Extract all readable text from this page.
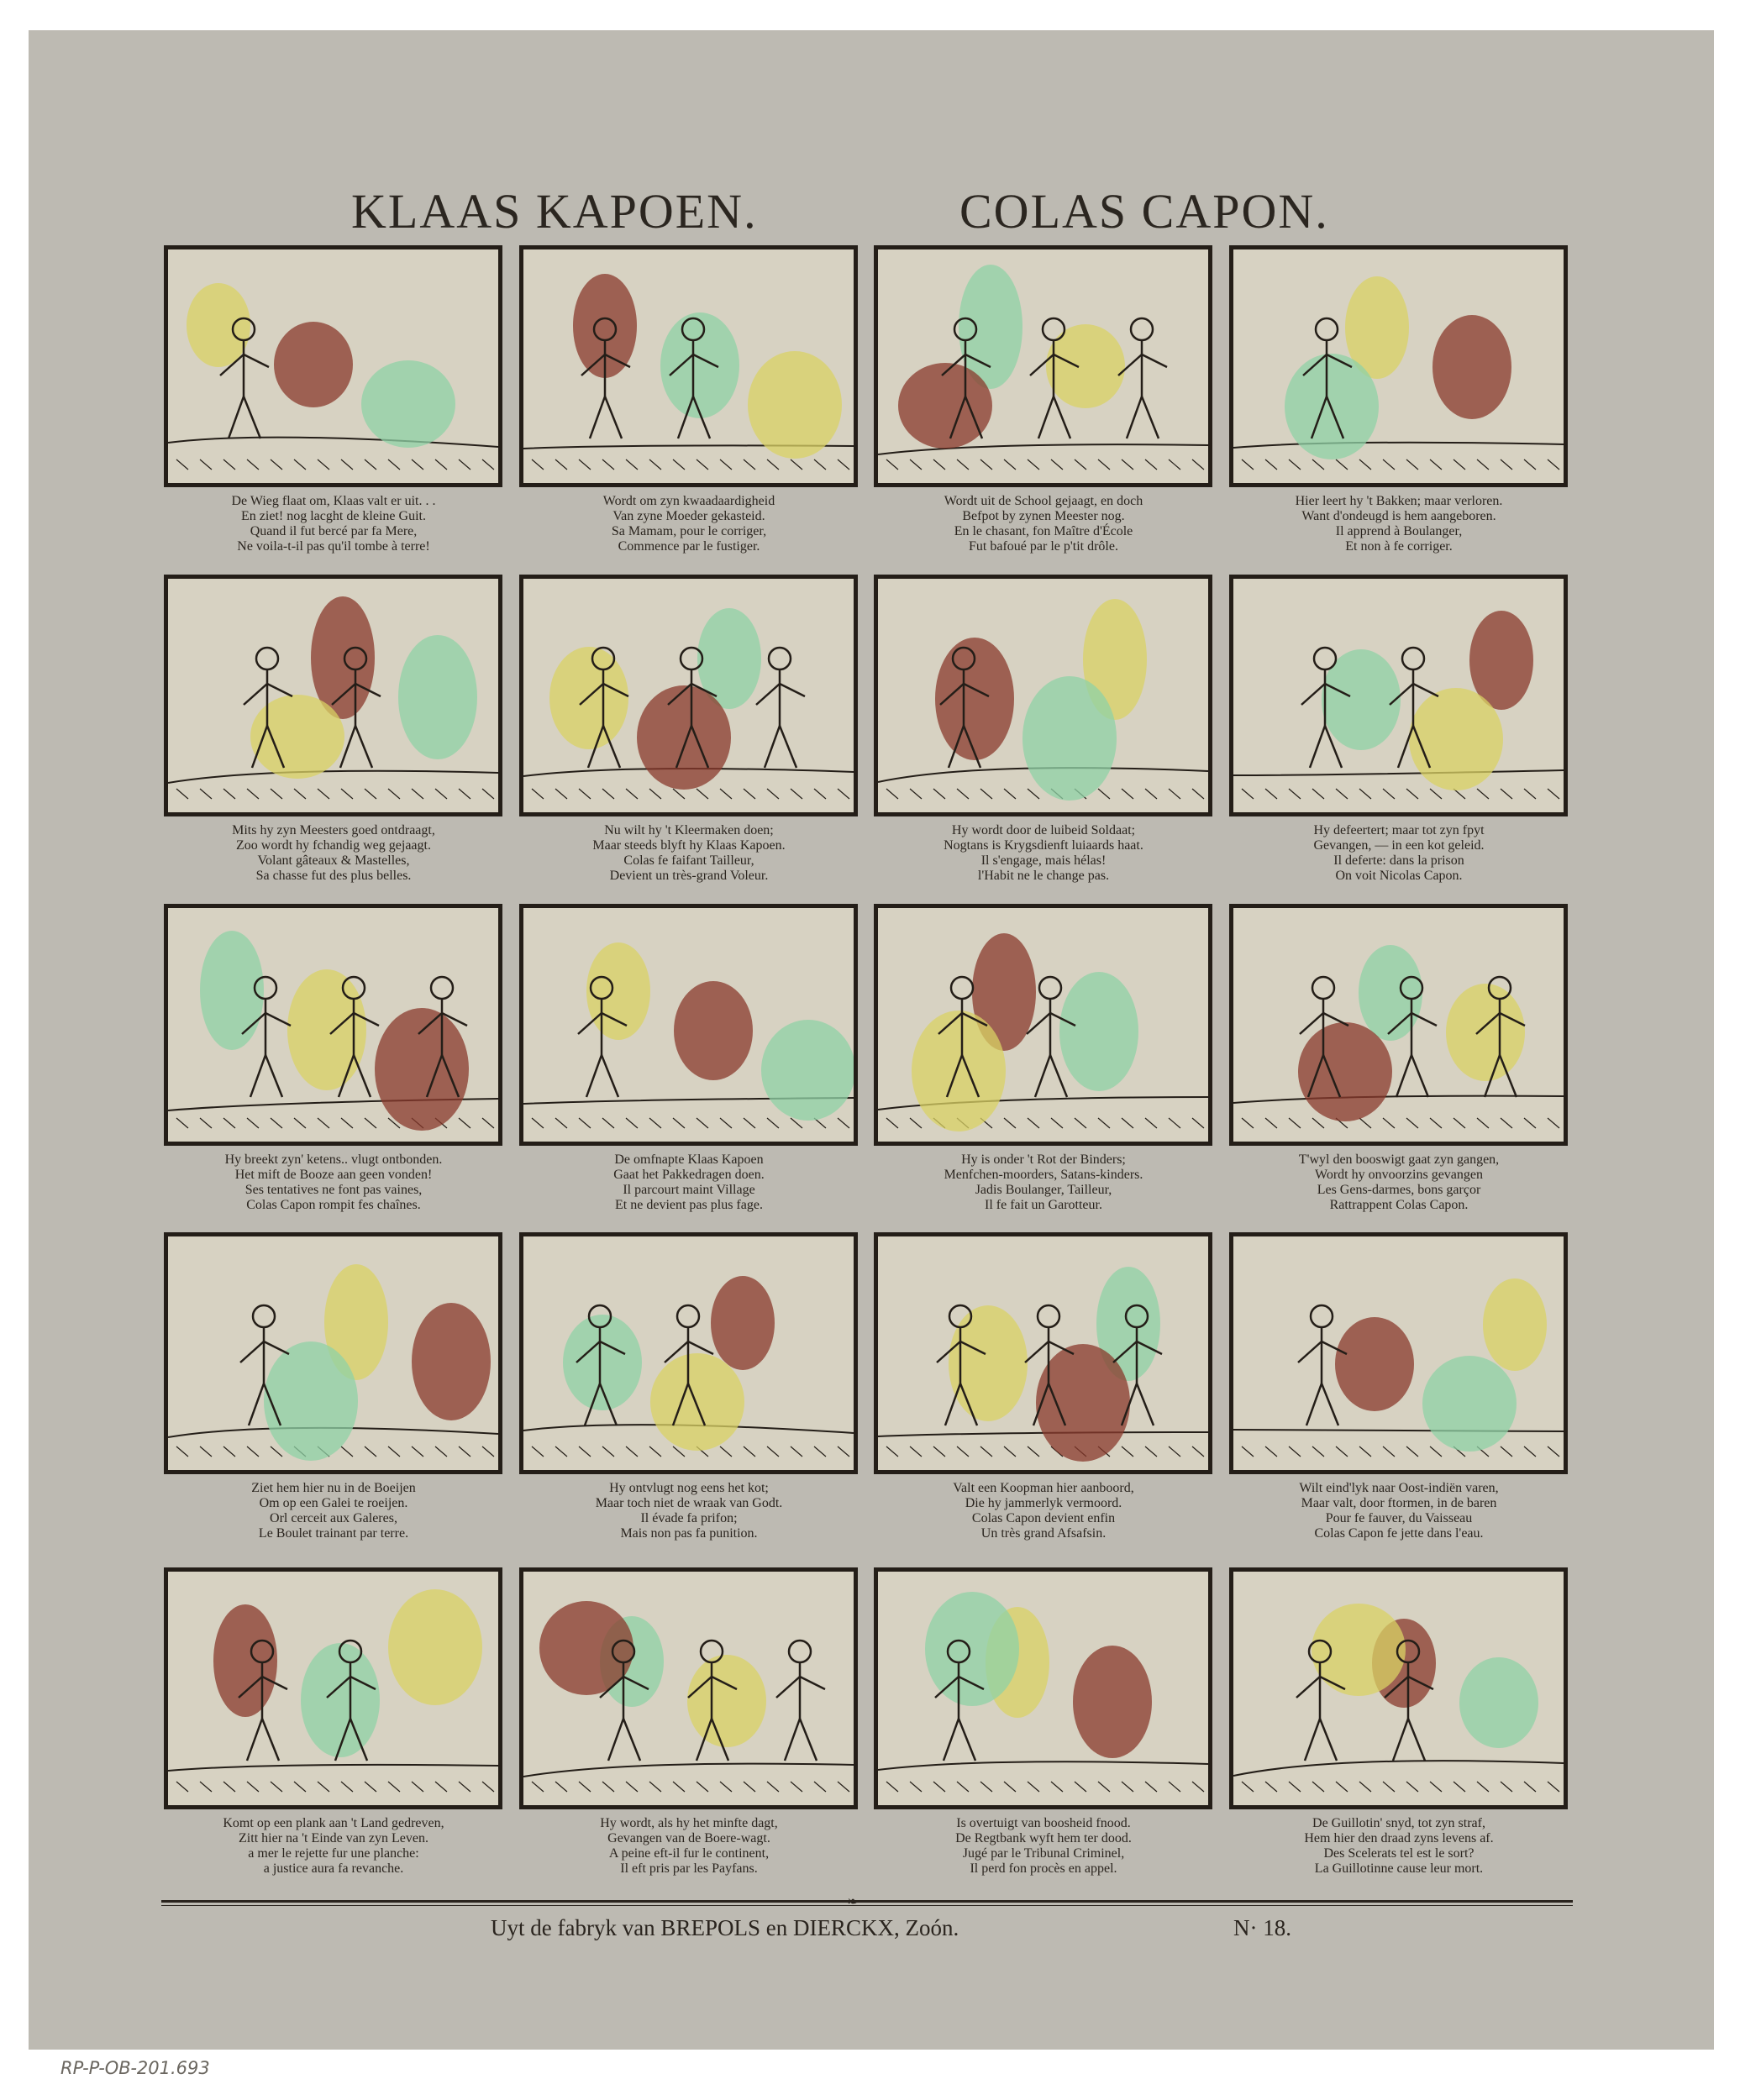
KLAAS KAPOEN.	COLAS CAPON.
De Wieg flaat om, Klaas valt er uit. . .
En ziet! nog lacght de kleine Guit.
Quand il fut bercé par fa Mere,
Ne voila-t-il pas qu'il tombe à terre!
Wordt om zyn kwaadaardigheid
Van zyne Moeder gekasteid.
Sa Mamam, pour le corriger,
Commence par le fustiger.
Wordt uit de School gejaagt, en doch
Befpot by zynen Meester nog.
En le chasant, fon Maître d'École
Fut bafoué par le p'tit drôle.
Hier leert hy 't Bakken; maar verloren.
Want d'ondeugd is hem aangeboren.
Il apprend à Boulanger,
Et non à fe corriger.
Mits hy zyn Meesters goed ontdraagt,
Zoo wordt hy fchandig weg gejaagt.
Volant gâteaux & Mastelles,
Sa chasse fut des plus belles.
Nu wilt hy 't Kleermaken doen;
Maar steeds blyft hy Klaas Kapoen.
Colas fe faifant Tailleur,
Devient un très-grand Voleur.
Hy wordt door de luibeid Soldaat;
Nogtans is Krygsdienft luiaards haat.
Il s'engage, mais hélas!
l'Habit ne le change pas.
Hy defeertert; maar tot zyn fpyt
Gevangen, — in een kot geleid.
Il deferte: dans la prison
On voit Nicolas Capon.
Hy breekt zyn' ketens.. vlugt ontbonden.
Het mift de Booze aan geen vonden!
Ses tentatives ne font pas vaines,
Colas Capon rompit fes chaînes.
De omfnapte Klaas Kapoen
Gaat het Pakkedragen doen.
Il parcourt maint Village
Et ne devient pas plus fage.
Hy is onder 't Rot der Binders;
Menfchen-moorders, Satans-kinders.
Jadis Boulanger, Tailleur,
Il fe fait un Garotteur.
T'wyl den booswigt gaat zyn gangen,
Wordt hy onvoorzins gevangen
Les Gens-darmes, bons garçor
Rattrappent Colas Capon.
Ziet hem hier nu in de Boeijen
Om op een Galei te roeijen.
Orl cerceit aux Galeres,
Le Boulet trainant par terre.
Hy ontvlugt nog eens het kot;
Maar toch niet de wraak van Godt.
Il évade fa prifon;
Mais non pas fa punition.
Valt een Koopman hier aanboord,
Die hy jammerlyk vermoord.
Colas Capon devient enfin
Un très grand Afsafsin.
Wilt eind'lyk naar Oost-indiën varen,
Maar valt, door ftormen, in de baren
Pour fe fauver, du Vaisseau
Colas Capon fe jette dans l'eau.
Komt op een plank aan 't Land gedreven,
Zitt hier na 't Einde van zyn Leven.
a mer le rejette fur une planche:
a justice aura fa revanche.
Hy wordt, als hy het minfte dagt,
Gevangen van de Boere-wagt.
A peine eft-il fur le continent,
Il eft pris par les Payfans.
Is overtuigt van boosheid fnood.
De Regtbank wyft hem ter dood.
Jugé par le Tribunal Criminel,
Il perd fon procès en appel.
De Guillotin' snyd, tot zyn straf,
Hem hier den draad zyns levens af.
Des Scelerats tel est le sort?
La Guillotinne cause leur mort.
❧
Uyt de fabryk van BREPOLS en DIERCKX, Zoón.	N· 18.
RP-P-OB-201.693
